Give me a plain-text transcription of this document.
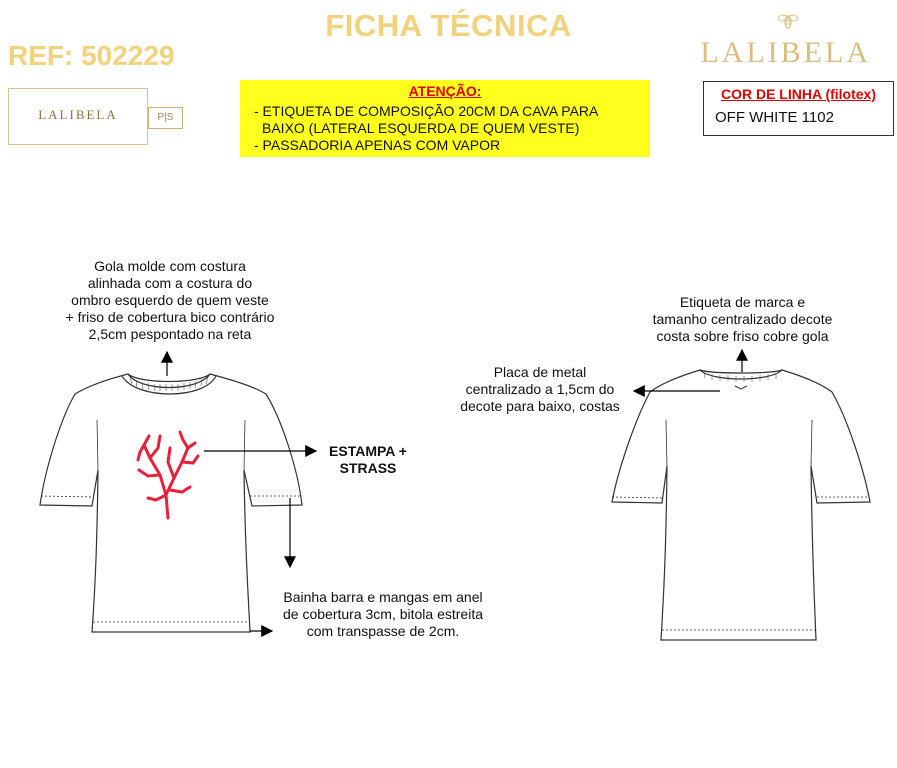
FICHA TÉCNICA
REF: 502229	LALIBELA
LALIBELA	P|S
ATENÇÃO:
- ETIQUETA DE COMPOSIÇÃO 20CM DA CAVA PARA
BAIXO (LATERAL ESQUERDA DE QUEM VESTE)
- PASSADORIA APENAS COM VAPOR
COR DE LINHA (filotex)
OFF WHITE 1102
Gola molde com costura
alinhada com a costura do
ombro esquerdo de quem veste
+ friso de cobertura bico contrário
2,5cm pespontado na reta
ESTAMPA +
STRASS
Bainha barra e mangas em anel
de cobertura 3cm, bitola estreita
com transpasse de 2cm.
Etiqueta de marca e
tamanho centralizado decote
costa sobre friso cobre gola
Placa de metal
centralizado a 1,5cm do
decote para baixo, costas
